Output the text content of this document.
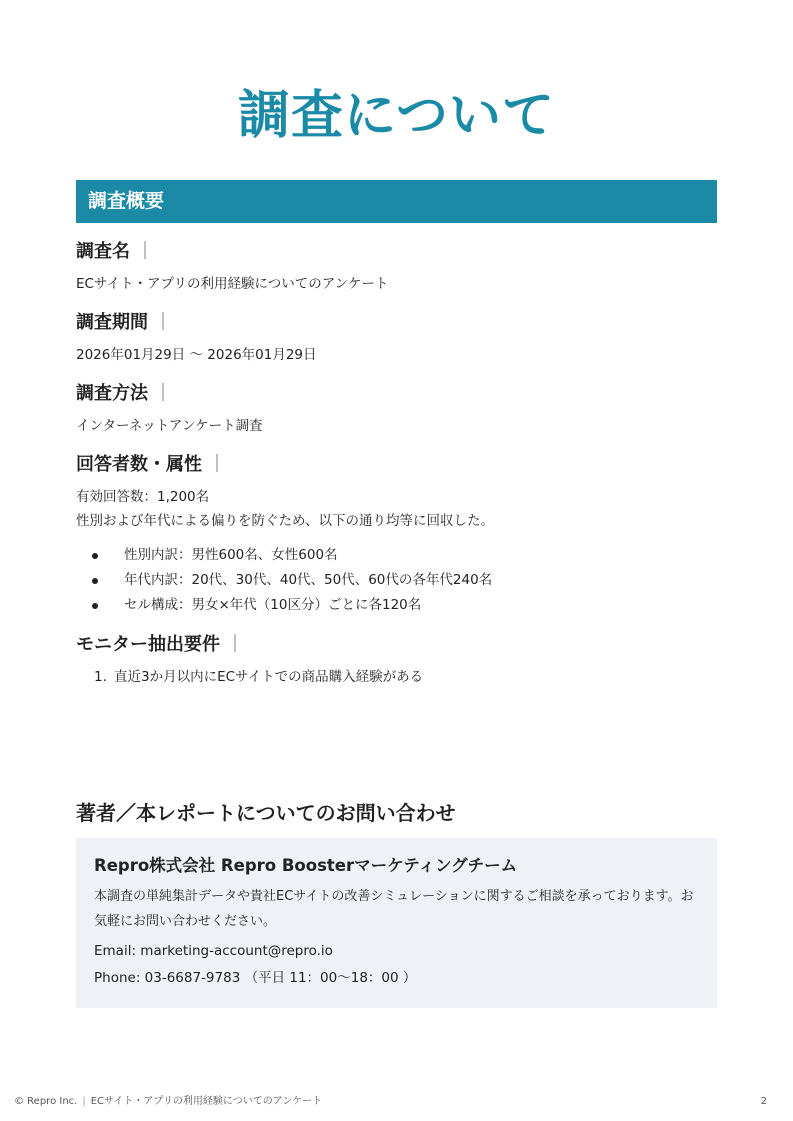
調査について
調査概要

調査名 ｜

ECサイト・アプリの利用経験についてのアンケート

調査期間 ｜

2026年01月29日 〜 2026年01月29日

調査方法 ｜

インターネットアンケート調査

回答者数・属性 ｜

有効回答数：1,200名

性別および年代による偏りを防ぐため、以下の通り均等に回収した。

性別内訳：男性600名、女性600名
年代内訳：20代、30代、40代、50代、60代の各年代240名
セル構成：男女×年代（10区分）ごとに各120名

モニター抽出要件 ｜

1. 直近3か月以内にECサイトでの商品購入経験がある
著者／本レポートについてのお問い合わせ

Repro株式会社 Repro Boosterマーケティングチーム

本調査の単純集計データや貴社ECサイトの改善シミュレーションに関するご相談を承っております。お気軽にお問い合わせください。

Email: marketing-account@repro.io

Phone: 03-6687-9783 （平日 11：00〜18：00 ）

© Repro Inc. | ECサイト・アプリの利用経験についてのアンケート	2
